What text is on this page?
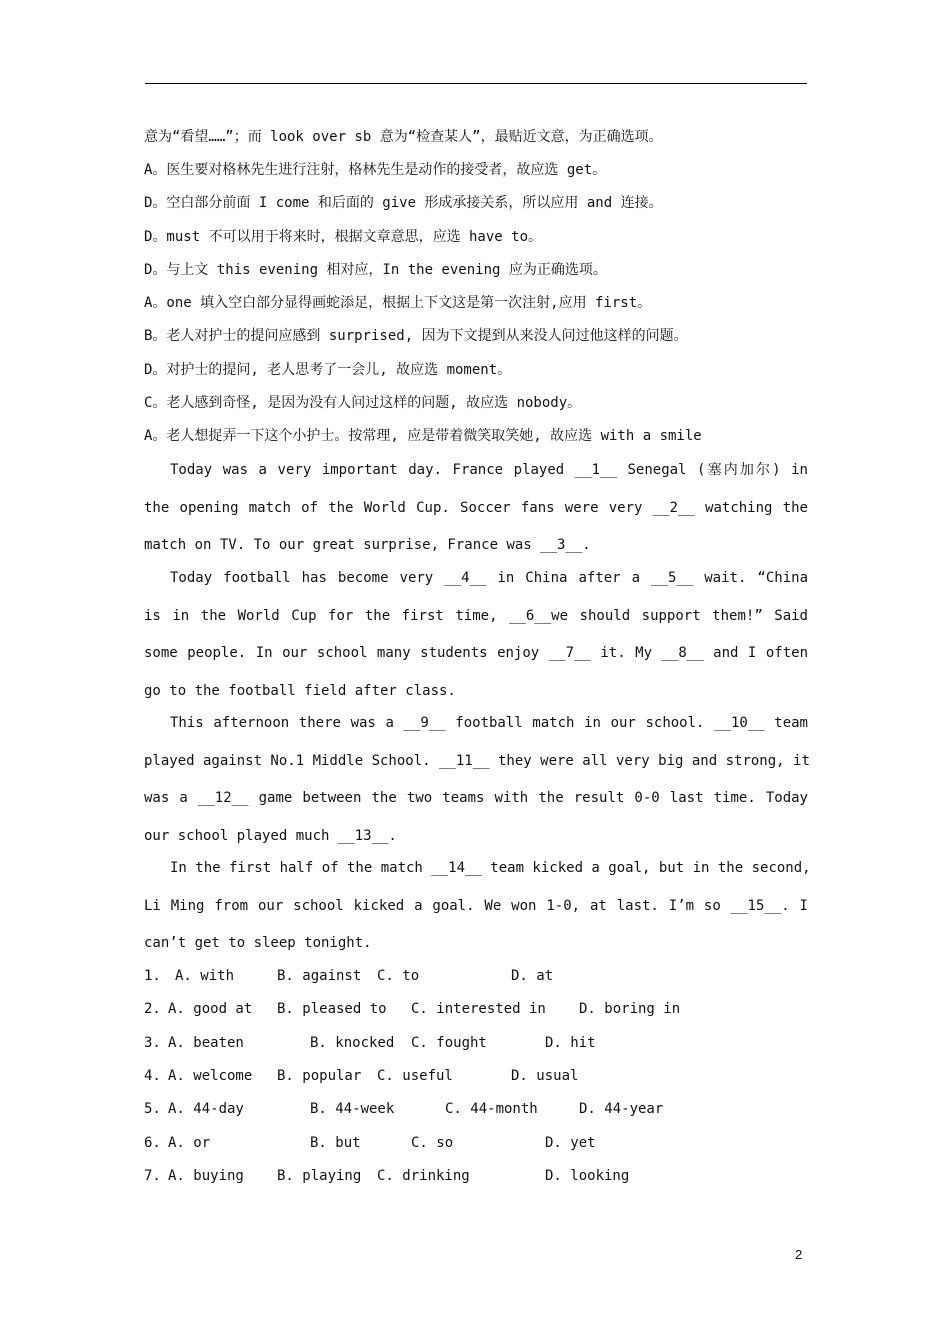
意为“看望……”；而 look over sb 意为“检查某人”，最贴近文意，为正确选项。
A。医生要对格林先生进行注射，格林先生是动作的接受者，故应选 get。
D。空白部分前面 I come 和后面的 give 形成承接关系，所以应用 and 连接。
D。must 不可以用于将来时，根据文章意思，应选 have to。
D。与上文 this evening 相对应，In the evening 应为正确选项。
A。one 填入空白部分显得画蛇添足，根据上下文这是第一次注射,应用 first。
B。老人对护士的提问应感到 surprised, 因为下文提到从来没人问过他这样的问题。
D。对护士的提问, 老人思考了一会儿, 故应选 moment。
C。老人感到奇怪, 是因为没有人问过这样的问题, 故应选 nobody。
A。老人想捉弄一下这个小护士。按常理, 应是带着微笑取笑她, 故应选 with a smile
Today was a very important day. France played __1__ Senegal (塞内加尔) in
the opening match of the World Cup. Soccer fans were very __2__ watching the
match on TV. To our great surprise, France was __3__.
Today football has become very __4__ in China after a __5__ wait. “China
is in the World Cup for the first time, __6__we should support them!” Said
some people. In our school many students enjoy __7__ it. My __8__ and I often
go to the football field after class.
This afternoon there was a __9__ football match in our school. __10__ team
played against No.1 Middle School. __11__ they were all very big and strong, it
was a __12__ game between the two teams with the result 0-0 last time. Today
our school played much __13__.
In the first half of the match __14__ team kicked a goal, but in the second,
Li Ming from our school kicked a goal. We won 1-0, at last. I’m so __15__. I
can’t get to sleep tonight.
1. A. with	B. against C. to	D. at
2. A. good at B. pleased to C. interested in D. boring in
3. A. beaten	B. knocked C. fought	D. hit
4. A. welcome B. popular C. useful	D. usual
5. A. 44-day	B. 44-week	C. 44-month	D. 44-year
6. A. or	B. but	C. so	D. yet
7. A. buying B. playing C. drinking	D. looking
2
